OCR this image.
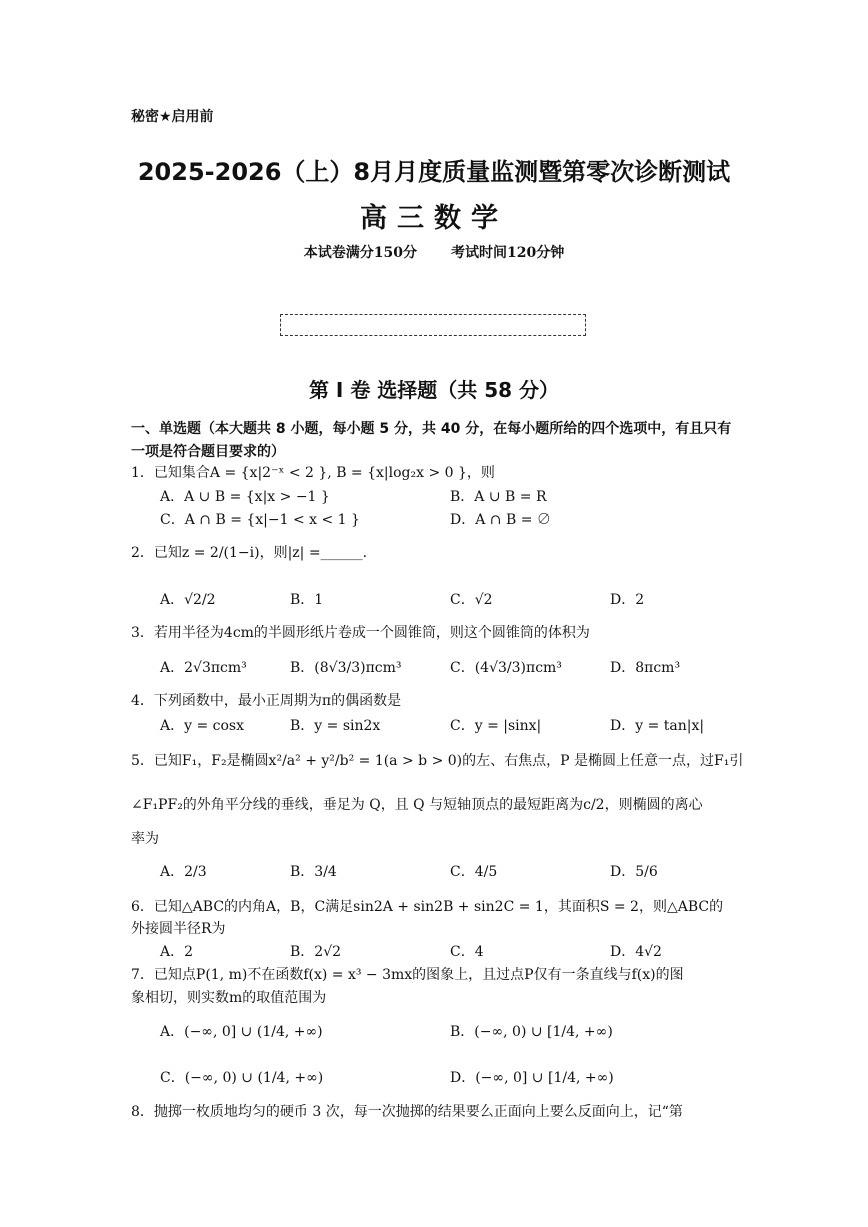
秘密★启用前
2025-2026（上）8月月度质量监测暨第零次诊断测试
高三数学
本试卷满分150分 考试时间120分钟
第 I 卷 选择题（共 58 分）
一、单选题（本大题共 8 小题，每小题 5 分，共 40 分，在每小题所给的四个选项中，有且只有一项是符合题目要求的）
1．已知集合A = {x|2⁻ˣ < 2 }, B = {x|log₂x > 0 }，则
A．A ∪ B = {x|x > −1 }	B．A ∪ B = R
C．A ∩ B = {x|−1 < x < 1 }	D．A ∩ B = ∅
2．已知z = 2/(1−i)，则|z| =______.
A．√2/2	B．1	C．√2	D．2
3．若用半径为4cm的半圆形纸片卷成一个圆锥筒，则这个圆锥筒的体积为
A．2√3πcm³	B．(8√3/3)πcm³	C．(4√3/3)πcm³	D．8πcm³
4．下列函数中，最小正周期为π的偶函数是
A．y = cosx	B．y = sin2x	C．y = |sinx|	D．y = tan|x|
5．已知F₁，F₂是椭圆x²/a² + y²/b² = 1(a > b > 0)的左、右焦点，P 是椭圆上任意一点，过F₁引
∠F₁PF₂的外角平分线的垂线，垂足为 Q，且 Q 与短轴顶点的最短距离为c/2，则椭圆的离心
率为
A．2/3	B．3/4	C．4/5	D．5/6
6．已知△ABC的内角A，B，C满足sin2A + sin2B + sin2C = 1，其面积S = 2，则△ABC的
外接圆半径R为
A．2	B．2√2	C．4	D．4√2
7．已知点P(1, m)不在函数f(x) = x³ − 3mx的图象上，且过点P仅有一条直线与f(x)的图
象相切，则实数m的取值范围为
A．(−∞, 0] ∪ (1/4, +∞)	B．(−∞, 0) ∪ [1/4, +∞)
C．(−∞, 0) ∪ (1/4, +∞)	D．(−∞, 0] ∪ [1/4, +∞)
8．抛掷一枚质地均匀的硬币 3 次，每一次抛掷的结果要么正面向上要么反面向上，记“第
